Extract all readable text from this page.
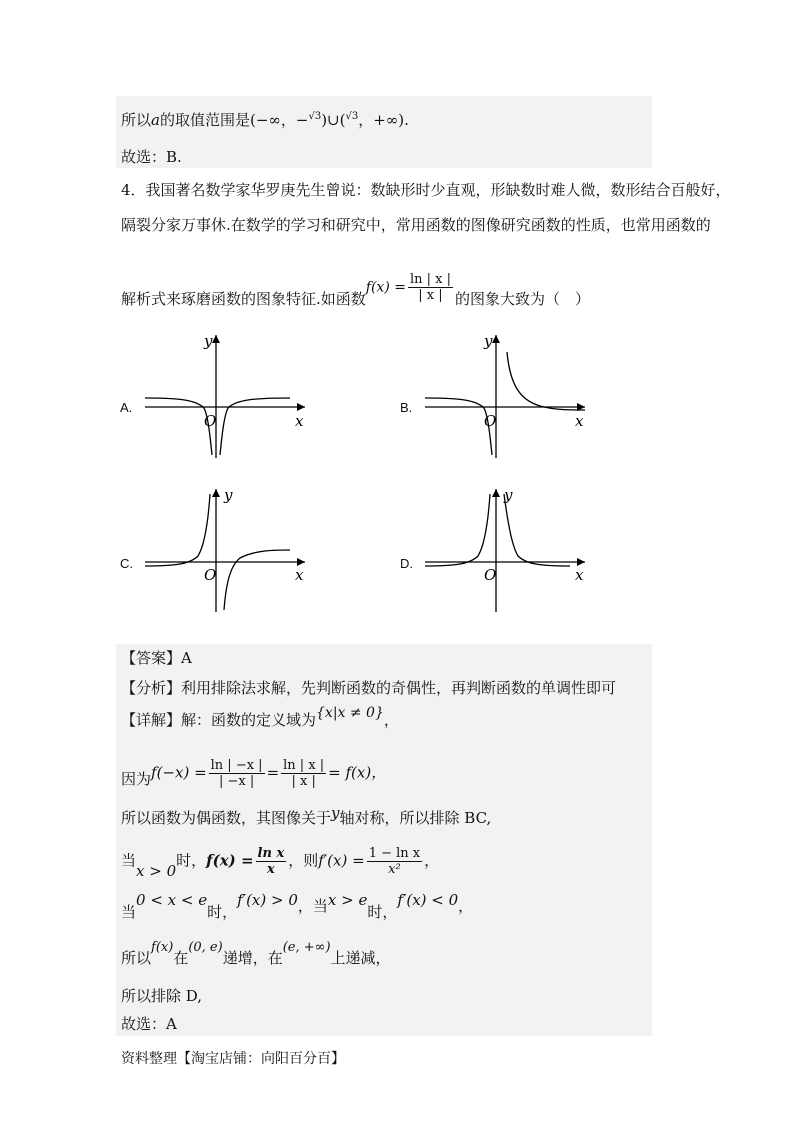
所以a的取值范围是(−∞，−$^{√3}$)∪($^{√3}$，+∞).
故选：B.
4．我国著名数学家华罗庚先生曾说：数缺形时少直观，形缺数时难人微，数形结合百般好，
隔裂分家万事休.在数学的学习和研究中，常用函数的图像研究函数的性质，也常用函数的
解析式来琢磨函数的图象特征.如函数$f(x) = \frac{\ln | x |}{| x |}$ 的图象大致为（　）
A.
y
x
O
B.
y
x
O
C.
y
x
O
D.
y
x
O
【答案】A
【分析】利用排除法求解，先判断函数的奇偶性，再判断函数的单调性即可
【详解】解：函数的定义域为{x|x ≠ 0}，
因为$f(-x) = \frac{\ln | -x |}{| -x |} = \frac{\ln | x |}{| x |} = f(x)$，
所以函数为偶函数，其图像关于y轴对称，所以排除 BC,
当x > 0时，$f(x) = \frac{\text{ln x}}{x}$ ，则$f'(x) = \frac{\text{1 − ln x}}{\text{x²}}$ ，
当0 < x < e时，f′(x) > 0，当x > e时，f′(x) < 0，
所以f(x)在(0, e)递增，在(e, +∞)上递减，
所以排除 D,
故选：A
资料整理【淘宝店铺：向阳百分百】
